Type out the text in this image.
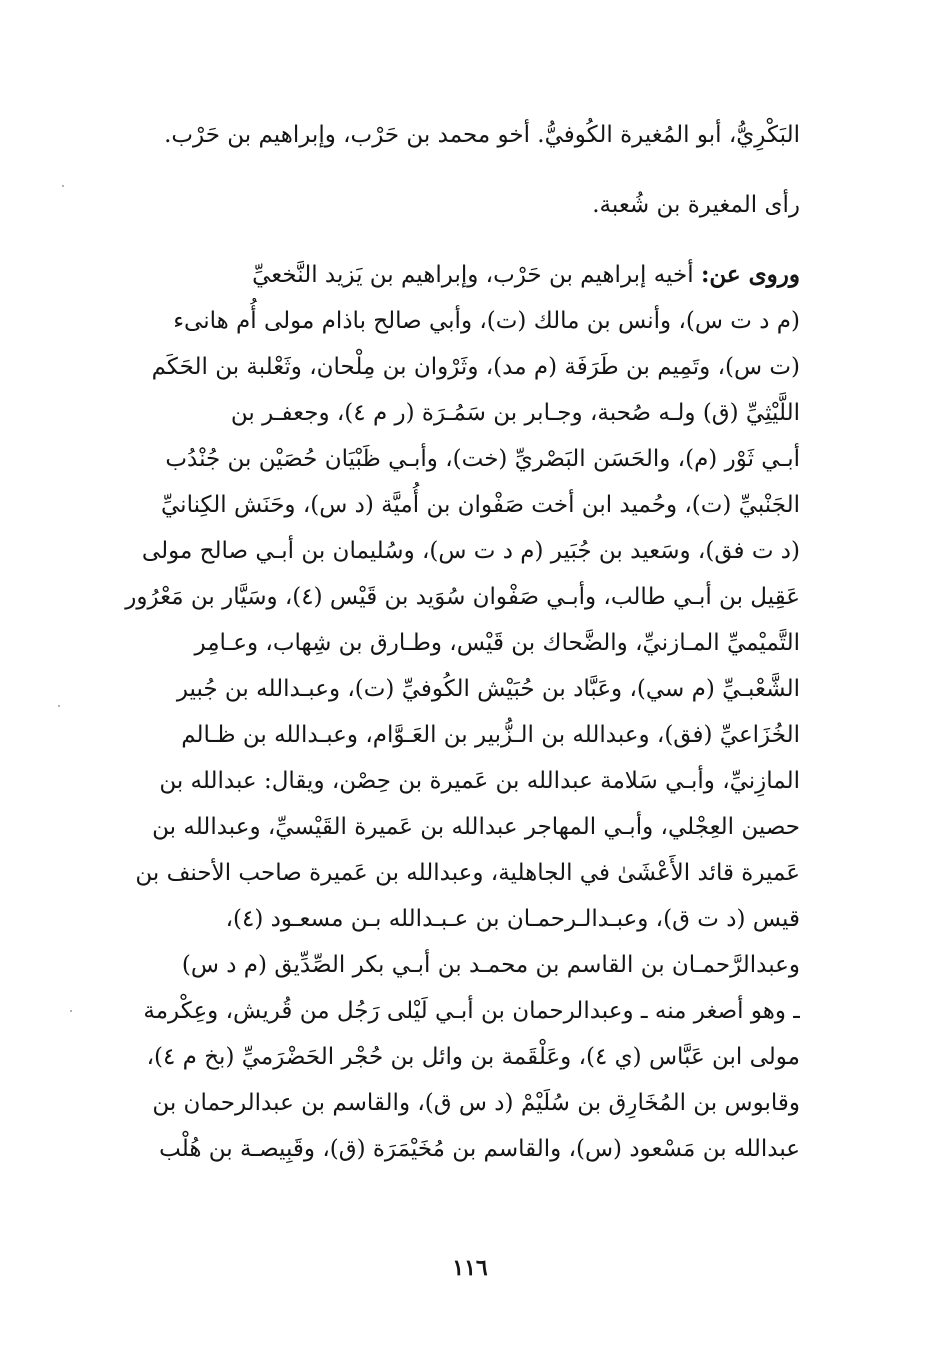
البَكْرِيُّ، أبو المُغيرة الكُوفيُّ. أخو محمد بن حَرْب، وإبراهيم بن حَرْب.
رأى المغيرة بن شُعبة.
وروى عن: أخيه إبراهيم بن حَرْب، وإبراهيم بن يَزيد النَّخعيِّ
(م د ت س)، وأنس بن مالك (ت)، وأبي صالح باذام مولى أُم هانىء
(ت س)، وتَمِيم بن طَرَفَة (م مد)، وثَرْوان بن مِلْحان، وثَعْلبة بن الحَكَم
اللَّيْثِيِّ (ق) ولـه صُحبة، وجـابر بن سَمُـرَة (ر م ٤)، وجعفـر بن
أبـي ثَوْر (م)، والحَسَن البَصْريِّ (خت)، وأبـي ظَبْيَان حُصَيْن بن جُنْدُب
الجَنْبيِّ (ت)، وحُميد ابن أخت صَفْوان بن أُميَّة (د س)، وحَنَش الكِنانيِّ
(د ت فق)، وسَعيد بن جُبَير (م د ت س)، وسُليمان بن أبـي صالح مولى
عَقِيل بن أبـي طالب، وأبـي صَفْوان سُوَيد بن قَيْس (٤)، وسَيَّار بن مَعْرُور
التَّميْميِّ المـازنيِّ، والضَّحاك بن قَيْس، وطـارق بن شِهاب، وعـامِر
الشَّعْبـيِّ (م سي)، وعَبَّاد بن حُبَيْش الكُوفيِّ (ت)، وعبـدالله بن جُبير
الخُزَاعيِّ (فق)، وعبدالله بن الـزُّبير بن العَـوَّام، وعبـدالله بن ظـالم
المازِنيِّ، وأبـي سَلامة عبدالله بن عَميرة بن حِصْن، ويقال: عبدالله بن
حصين العِجْلي، وأبـي المهاجر عبدالله بن عَميرة القَيْسيِّ، وعبدالله بن
عَميرة قائد الأَعْشَىٰ في الجاهلية، وعبدالله بن عَميرة صاحب الأحنف بن
قيس (د ت ق)، وعبـدالـرحمـان بن عـبـدالله بـن مسعـود (٤)،
وعبدالرَّحمـان بن القاسم بن محمـد بن أبـي بكر الصِّدِّيق (م د س)
ـ وهو أصغر منه ـ وعبدالرحمان بن أبـي لَيْلى رَجُل من قُريش، وعِكْرمة
مولى ابن عَبَّاس (ي ٤)، وعَلْقَمة بن وائل بن حُجْر الحَضْرَميِّ (بخ م ٤)،
وقابوس بن المُخَارِق بن سُلَيْمْ (د س ق)، والقاسم بن عبدالرحمان بن
عبدالله بن مَسْعود (س)، والقاسم بن مُخَيْمَرَة (ق)، وقَبِيصـة بن هُلْب
١١٦
